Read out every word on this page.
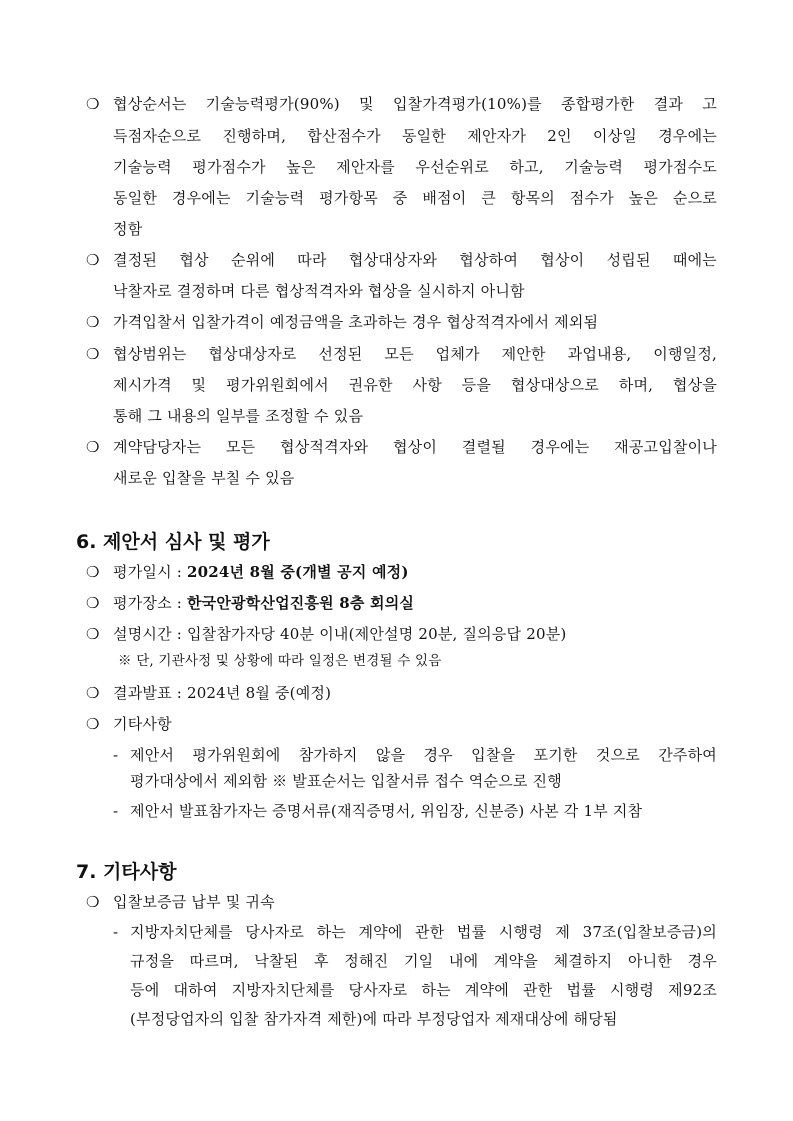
❍ 협상순서는 기술능력평가(90%) 및 입찰가격평가(10%)를 종합평가한 결과 고
득점자순으로 진행하며, 합산점수가 동일한 제안자가 2인 이상일 경우에는
기술능력 평가점수가 높은 제안자를 우선순위로 하고, 기술능력 평가점수도
동일한 경우에는 기술능력 평가항목 중 배점이 큰 항목의 점수가 높은 순으로
정함
❍ 결정된 협상 순위에 따라 협상대상자와 협상하여 협상이 성립된 때에는
낙찰자로 결정하며 다른 협상적격자와 협상을 실시하지 아니함
❍ 가격입찰서 입찰가격이 예정금액을 초과하는 경우 협상적격자에서 제외됨
❍ 협상범위는 협상대상자로 선정된 모든 업체가 제안한 과업내용, 이행일정,
제시가격 및 평가위원회에서 권유한 사항 등을 협상대상으로 하며, 협상을
통해 그 내용의 일부를 조정할 수 있음
❍ 계약담당자는 모든 협상적격자와 협상이 결렬될 경우에는 재공고입찰이나
새로운 입찰을 부칠 수 있음
6. 제안서 심사 및 평가
❍ 평가일시 : 2024년 8월 중(개별 공지 예정)
❍ 평가장소 : 한국안광학산업진흥원 8층 회의실
❍ 설명시간 : 입찰참가자당 40분 이내(제안설명 20분, 질의응답 20분)
※ 단, 기관사정 및 상황에 따라 일정은 변경될 수 있음
❍ 결과발표 : 2024년 8월 중(예정)
❍ 기타사항
- 제안서 평가위원회에 참가하지 않을 경우 입찰을 포기한 것으로 간주하여
평가대상에서 제외함 ※ 발표순서는 입찰서류 접수 역순으로 진행
- 제안서 발표참가자는 증명서류(재직증명서, 위임장, 신분증) 사본 각 1부 지참
7. 기타사항
❍ 입찰보증금 납부 및 귀속
- 지방자치단체를 당사자로 하는 계약에 관한 법률 시행령 제 37조(입찰보증금)의
규정을 따르며, 낙찰된 후 정해진 기일 내에 계약을 체결하지 아니한 경우
등에 대하여 지방자치단체를 당사자로 하는 계약에 관한 법률 시행령 제92조
(부정당업자의 입찰 참가자격 제한)에 따라 부정당업자 제재대상에 해당됨
